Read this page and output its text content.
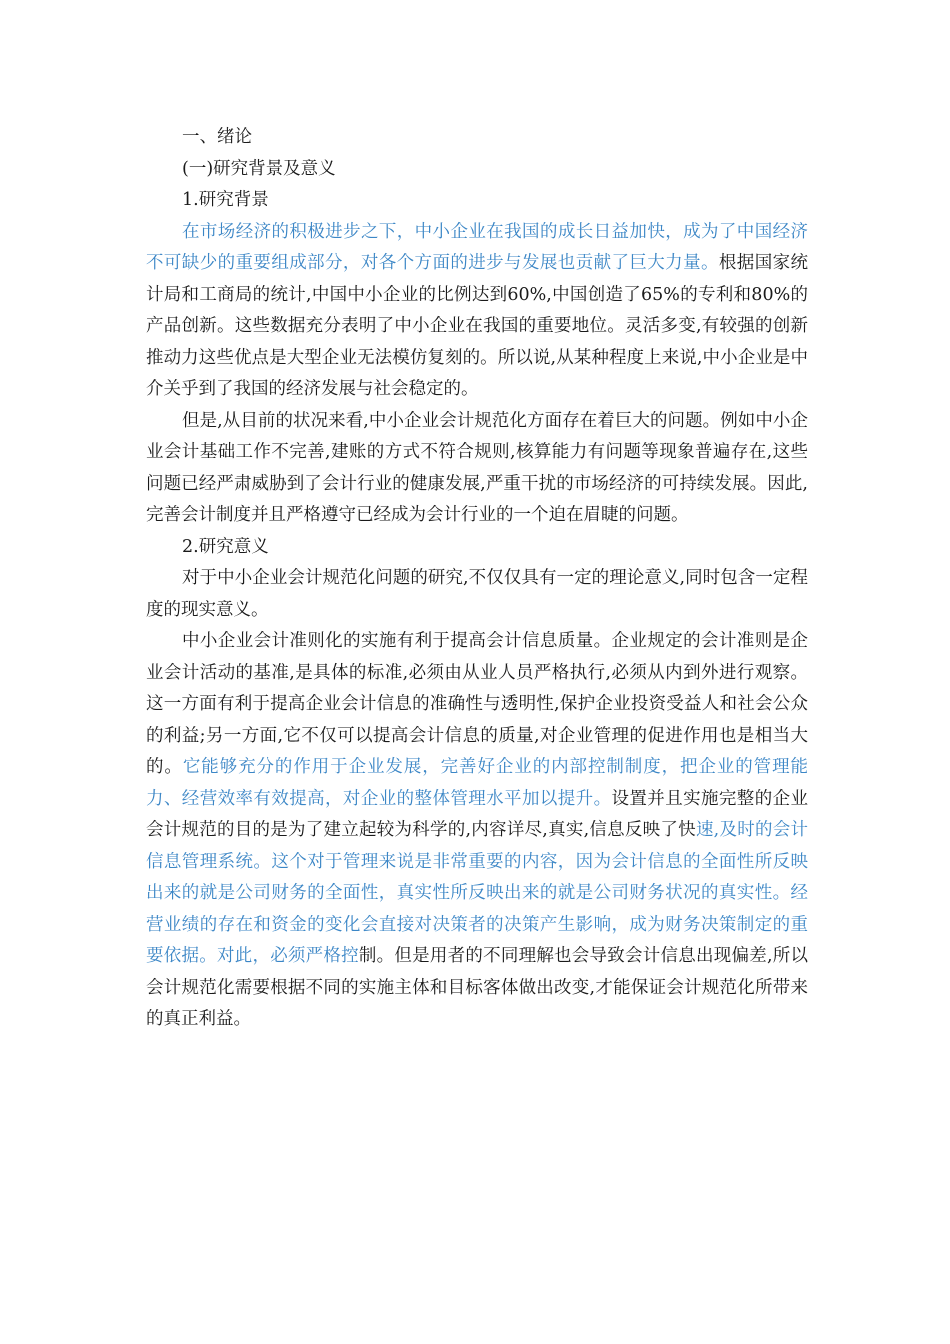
一、绪论

(一)研究背景及意义

1.研究背景

在市场经济的积极进步之下，中小企业在我国的成长日益加快，成为了中国经济不可缺少的重要组成部分，对各个方面的进步与发展也贡献了巨大力量。根据国家统计局和工商局的统计,中国中小企业的比例达到60%,中国创造了65%的专利和80%的产品创新。这些数据充分表明了中小企业在我国的重要地位。灵活多变,有较强的创新推动力这些优点是大型企业无法模仿复刻的。所以说,从某种程度上来说,中小企业是中介关乎到了我国的经济发展与社会稳定的。

但是,从目前的状况来看,中小企业会计规范化方面存在着巨大的问题。例如中小企业会计基础工作不完善,建账的方式不符合规则,核算能力有问题等现象普遍存在,这些问题已经严肃威胁到了会计行业的健康发展,严重干扰的市场经济的可持续发展。因此,完善会计制度并且严格遵守已经成为会计行业的一个迫在眉睫的问题。

2.研究意义

对于中小企业会计规范化问题的研究,不仅仅具有一定的理论意义,同时包含一定程度的现实意义。

中小企业会计准则化的实施有利于提高会计信息质量。企业规定的会计准则是企业会计活动的基准,是具体的标准,必须由从业人员严格执行,必须从内到外进行观察。这一方面有利于提高企业会计信息的准确性与透明性,保护企业投资受益人和社会公众的利益;另一方面,它不仅可以提高会计信息的质量,对企业管理的促进作用也是相当大的。它能够充分的作用于企业发展，完善好企业的内部控制制度，把企业的管理能力、经营效率有效提高，对企业的整体管理水平加以提升。设置并且实施完整的企业会计规范的目的是为了建立起较为科学的,内容详尽,真实,信息反映了快速,及时的会计信息管理系统。这个对于管理来说是非常重要的内容，因为会计信息的全面性所反映出来的就是公司财务的全面性，真实性所反映出来的就是公司财务状况的真实性。经营业绩的存在和资金的变化会直接对决策者的决策产生影响，成为财务决策制定的重要依据。对此，必须严格控制。但是用者的不同理解也会导致会计信息出现偏差,所以会计规范化需要根据不同的实施主体和目标客体做出改变,才能保证会计规范化所带来的真正利益。
